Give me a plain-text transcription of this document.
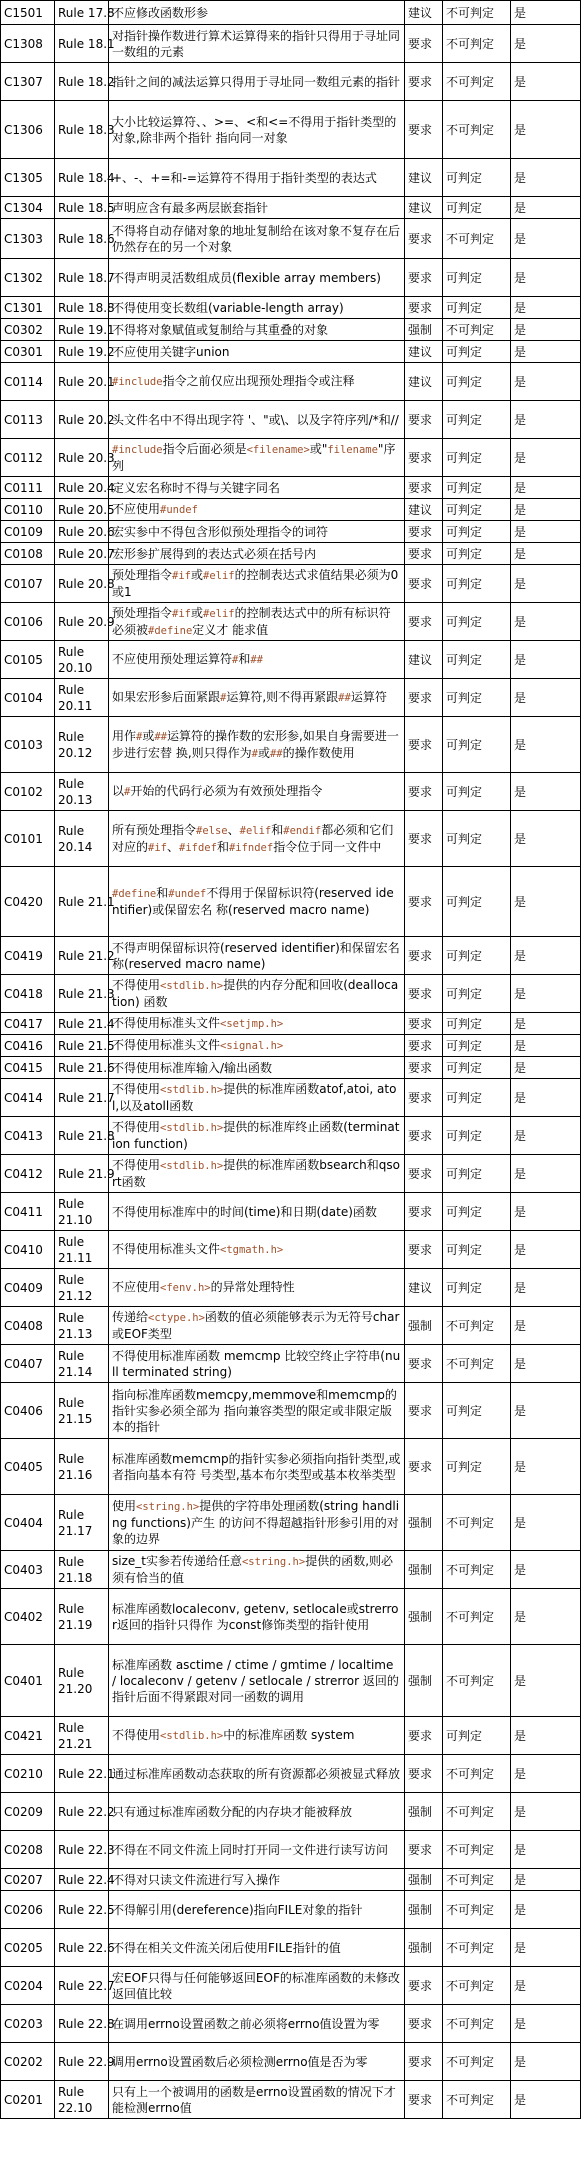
C1501	Rule 17.8	不应修改函数形参	建议	不可判定	是
C1308	Rule 18.1	对指针操作数进行算术运算得来的指针只得用于寻址同一数组的元素	要求	不可判定	是
C1307	Rule 18.2	指针之间的减法运算只得用于寻址同一数组元素的指针	要求	不可判定	是
C1306	Rule 18.3	大小比较运算符、、>=、<和<=不得用于指针类型的对象,除非两个指针 指向同一对象	要求	不可判定	是
C1305	Rule 18.4	+、-、+=和-=运算符不得用于指针类型的表达式	建议	可判定	是
C1304	Rule 18.5	声明应含有最多两层嵌套指针	建议	可判定	是
C1303	Rule 18.6	不得将自动存储对象的地址复制给在该对象不复存在后仍然存在的另一个对象	要求	不可判定	是
C1302	Rule 18.7	不得声明灵活数组成员(flexible array members)	要求	可判定	是
C1301	Rule 18.8	不得使用变长数组(variable-length array)	要求	可判定	是
C0302	Rule 19.1	不得将对象赋值或复制给与其重叠的对象	强制	不可判定	是
C0301	Rule 19.2	不应使用关键字union	建议	可判定	是
C0114	Rule 20.1	#include指令之前仅应出现预处理指令或注释	建议	可判定	是
C0113	Rule 20.2	头文件名中不得出现字符 '、"或\、以及字符序列/*和//	要求	可判定	是
C0112	Rule 20.3	#include指令后面必须是<filename>或"filename"序列	要求	可判定	是
C0111	Rule 20.4	定义宏名称时不得与关键字同名	要求	可判定	是
C0110	Rule 20.5	不应使用#undef	建议	可判定	是
C0109	Rule 20.6	宏实参中不得包含形似预处理指令的词符	要求	可判定	是
C0108	Rule 20.7	宏形参扩展得到的表达式必须在括号内	要求	可判定	是
C0107	Rule 20.8	预处理指令#if或#elif的控制表达式求值结果必须为0或1	要求	可判定	是
C0106	Rule 20.9	预处理指令#if或#elif的控制表达式中的所有标识符必须被#define定义才 能求值	要求	可判定	是
C0105	Rule 20.10	不应使用预处理运算符#和##	建议	可判定	是
C0104	Rule 20.11	如果宏形参后面紧跟#运算符,则不得再紧跟##运算符	要求	可判定	是
C0103	Rule 20.12	用作#或##运算符的操作数的宏形参,如果自身需要进一步进行宏替 换,则只得作为#或##的操作数使用	要求	可判定	是
C0102	Rule 20.13	以#开始的代码行必须为有效预处理指令	要求	可判定	是
C0101	Rule 20.14	所有预处理指令#else、#elif和#endif都必须和它们对应的#if、#ifdef和#ifndef指令位于同一文件中	要求	可判定	是
C0420	Rule 21.1	#define和#undef不得用于保留标识符(reserved identifier)或保留宏名 称(reserved macro name)	要求	可判定	是
C0419	Rule 21.2	不得声明保留标识符(reserved identifier)和保留宏名称(reserved macro name)	要求	可判定	是
C0418	Rule 21.3	不得使用<stdlib.h>提供的内存分配和回收(deallocation) 函数	要求	可判定	是
C0417	Rule 21.4	不得使用标准头文件<setjmp.h>	要求	可判定	是
C0416	Rule 21.5	不得使用标准头文件<signal.h>	要求	可判定	是
C0415	Rule 21.6	不得使用标准库输入/输出函数	要求	可判定	是
C0414	Rule 21.7	不得使用<stdlib.h>提供的标准库函数atof,atoi, atol,以及atoll函数	要求	可判定	是
C0413	Rule 21.8	不得使用<stdlib.h>提供的标准库终止函数(termination function)	要求	可判定	是
C0412	Rule 21.9	不得使用<stdlib.h>提供的标准库函数bsearch和qsort函数	要求	可判定	是
C0411	Rule 21.10	不得使用标准库中的时间(time)和日期(date)函数	要求	可判定	是
C0410	Rule 21.11	不得使用标准头文件<tgmath.h>	要求	可判定	是
C0409	Rule 21.12	不应使用<fenv.h>的异常处理特性	建议	可判定	是
C0408	Rule 21.13	传递给<ctype.h>函数的值必须能够表示为无符号char或EOF类型	强制	不可判定	是
C0407	Rule 21.14	不得使用标准库函数 memcmp 比较空终止字符串(null terminated string)	要求	不可判定	是
C0406	Rule 21.15	指向标准库函数memcpy,memmove和memcmp的指针实参必须全部为 指向兼容类型的限定或非限定版本的指针	要求	可判定	是
C0405	Rule 21.16	标准库函数memcmp的指针实参必须指向指针类型,或者指向基本有符 号类型,基本布尔类型或基本枚举类型	要求	可判定	是
C0404	Rule 21.17	使用<string.h>提供的字符串处理函数(string handling functions)产生 的访问不得超越指针形参引用的对象的边界	强制	不可判定	是
C0403	Rule 21.18	size_t实参若传递给任意<string.h>提供的函数,则必须有恰当的值	强制	不可判定	是
C0402	Rule 21.19	标准库函数localeconv, getenv, setlocale或strerror返回的指针只得作 为const修饰类型的指针使用	强制	不可判定	是
C0401	Rule 21.20	标准库函数 asctime / ctime / gmtime / localtime / localeconv / getenv / setlocale / strerror 返回的指针后面不得紧跟对同一函数的调用	强制	不可判定	是
C0421	Rule 21.21	不得使用<stdlib.h>中的标准库函数 system	要求	可判定	是
C0210	Rule 22.1	通过标准库函数动态获取的所有资源都必须被显式释放	要求	不可判定	是
C0209	Rule 22.2	只有通过标准库函数分配的内存块才能被释放	强制	不可判定	是
C0208	Rule 22.3	不得在不同文件流上同时打开同一文件进行读写访问	要求	不可判定	是
C0207	Rule 22.4	不得对只读文件流进行写入操作	强制	不可判定	是
C0206	Rule 22.5	不得解引用(dereference)指向FILE对象的指针	强制	不可判定	是
C0205	Rule 22.6	不得在相关文件流关闭后使用FILE指针的值	强制	不可判定	是
C0204	Rule 22.7	宏EOF只得与任何能够返回EOF的标准库函数的未修改返回值比较	要求	不可判定	是
C0203	Rule 22.8	在调用errno设置函数之前必须将errno值设置为零	要求	不可判定	是
C0202	Rule 22.9	调用errno设置函数后必须检测errno值是否为零	要求	不可判定	是
C0201	Rule 22.10	只有上一个被调用的函数是errno设置函数的情况下才能检测errno值	要求	不可判定	是
